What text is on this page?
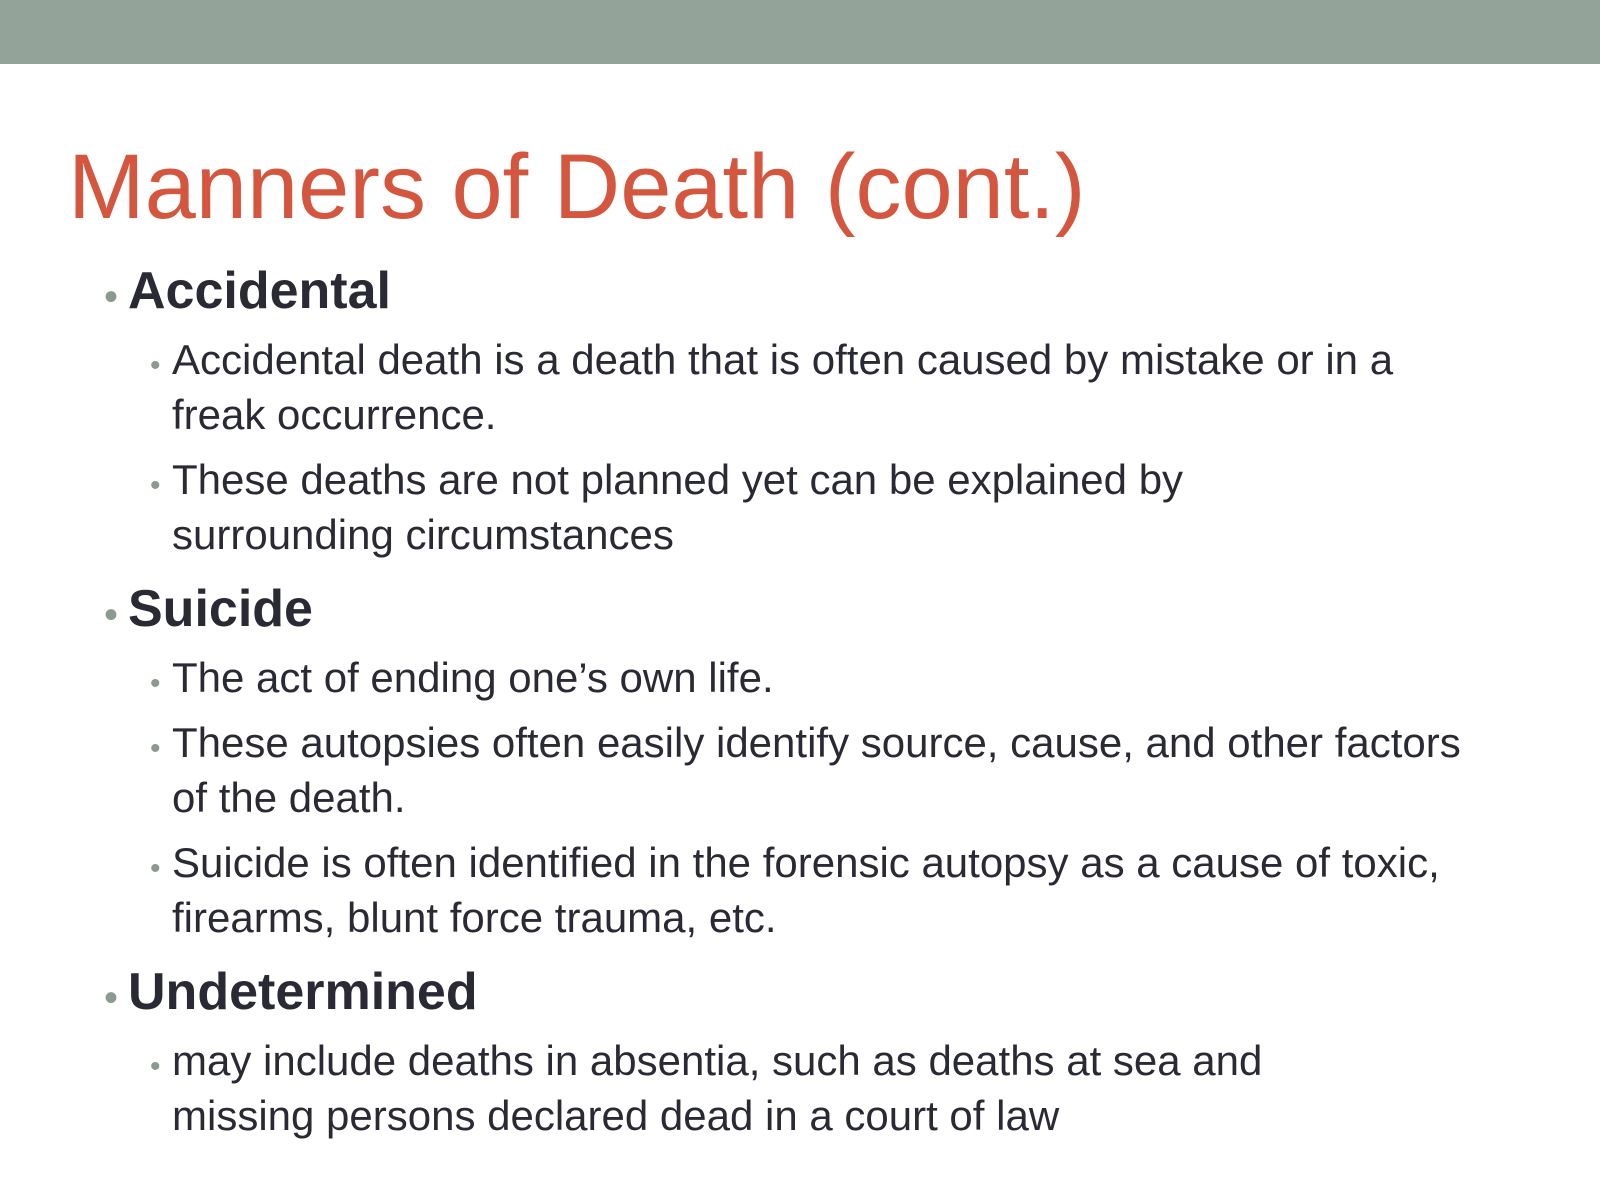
Manners of Death (cont.)

• Accidental

• Accidental death is a death that is often caused by mistake or in a freak occurrence.

• These deaths are not planned yet can be explained by surrounding circumstances

• Suicide

• The act of ending one’s own life.

• These autopsies often easily identify source, cause, and other factors of the death.

• Suicide is often identified in the forensic autopsy as a cause of toxic, firearms, blunt force trauma, etc.

• Undetermined

• may include deaths in absentia, such as deaths at sea and missing persons declared dead in a court of law
